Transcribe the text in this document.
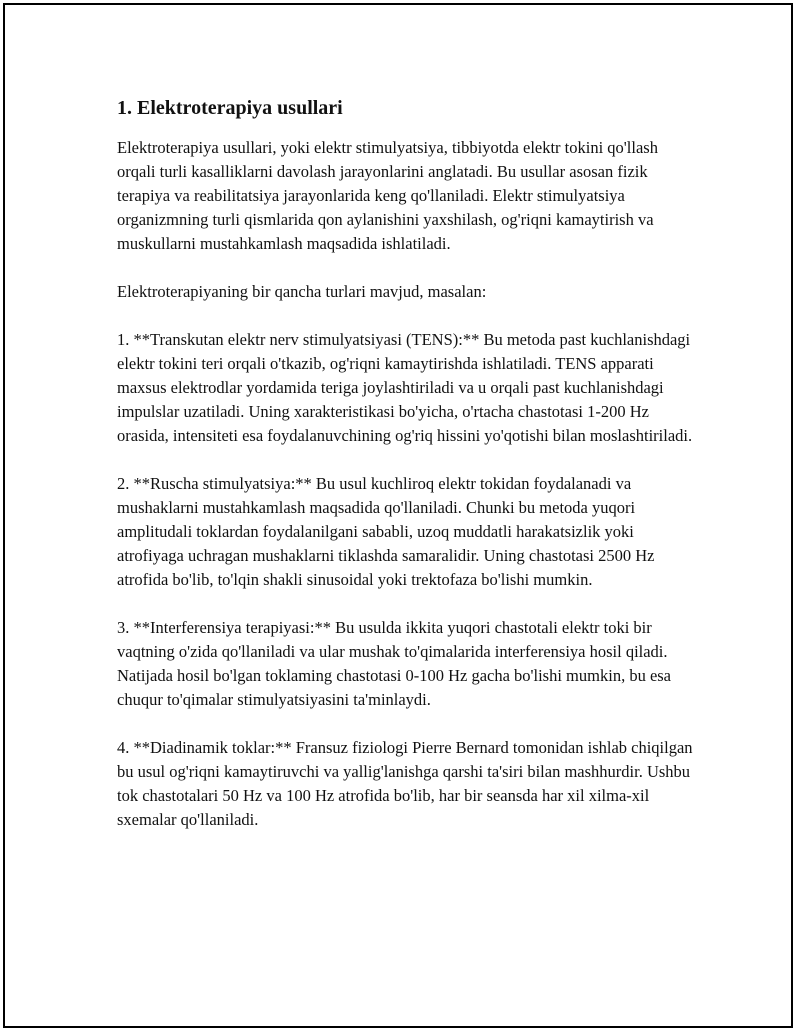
1. Elektroterapiya usullari

Elektroterapiya usullari, yoki elektr stimulyatsiya, tibbiyotda elektr tokini qo'llash orqali turli kasalliklarni davolash jarayonlarini anglatadi. Bu usullar asosan fizik terapiya va reabilitatsiya jarayonlarida keng qo'llaniladi. Elektr stimulyatsiya organizmning turli qismlarida qon aylanishini yaxshilash, og'riqni kamaytirish va muskullarni mustahkamlash maqsadida ishlatiladi.

Elektroterapiyaning bir qancha turlari mavjud, masalan:

1. **Transkutan elektr nerv stimulyatsiyasi (TENS):** Bu metoda past kuchlanishdagi elektr tokini teri orqali o'tkazib, og'riqni kamaytirishda ishlatiladi. TENS apparati maxsus elektrodlar yordamida teriga joylashtiriladi va u orqali past kuchlanishdagi impulslar uzatiladi. Uning xarakteristikasi bo'yicha, o'rtacha chastotasi 1-200 Hz orasida, intensiteti esa foydalanuvchining og'riq hissini yo'qotishi bilan moslashtiriladi.

2. **Ruscha stimulyatsiya:** Bu usul kuchliroq elektr tokidan foydalanadi va mushaklarni mustahkamlash maqsadida qo'llaniladi. Chunki bu metoda yuqori amplitudali toklardan foydalanilgani sababli, uzoq muddatli harakatsizlik yoki atrofiyaga uchragan mushaklarni tiklashda samaralidir. Uning chastotasi 2500 Hz atrofida bo'lib, to'lqin shakli sinusoidal yoki trektofaza bo'lishi mumkin.

3. **Interferensiya terapiyasi:** Bu usulda ikkita yuqori chastotali elektr toki bir vaqtning o'zida qo'llaniladi va ular mushak to'qimalarida interferensiya hosil qiladi. Natijada hosil bo'lgan toklaming chastotasi 0-100 Hz gacha bo'lishi mumkin, bu esa chuqur to'qimalar stimulyatsiyasini ta'minlaydi.

4. **Diadinamik toklar:** Fransuz fiziologi Pierre Bernard tomonidan ishlab chiqilgan bu usul og'riqni kamaytiruvchi va yallig'lanishga qarshi ta'siri bilan mashhurdir. Ushbu tok chastotalari 50 Hz va 100 Hz atrofida bo'lib, har bir seansda har xil xilma-xil sxemalar qo'llaniladi.
